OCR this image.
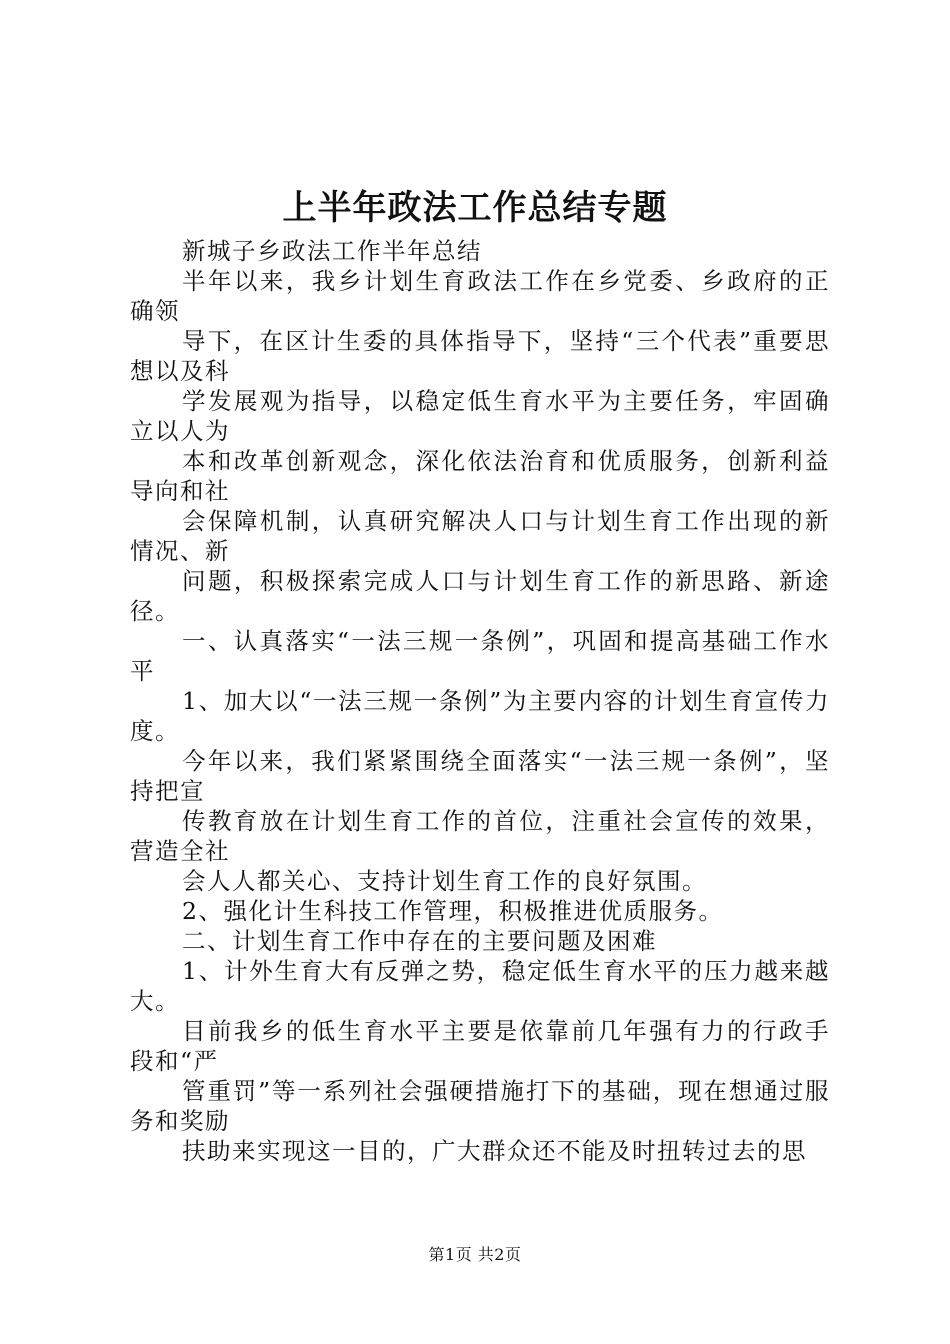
上半年政法工作总结专题

新城子乡政法工作半年总结

半年以来，我乡计划生育政法工作在乡党委、乡政府的正确领

导下，在区计生委的具体指导下，坚持“三个代表”重要思想以及科

学发展观为指导，以稳定低生育水平为主要任务，牢固确立以人为

本和改革创新观念，深化依法治育和优质服务，创新利益导向和社

会保障机制，认真研究解决人口与计划生育工作出现的新情况、新

问题，积极探索完成人口与计划生育工作的新思路、新途径。

一、认真落实“一法三规一条例”，巩固和提高基础工作水平

1、加大以“一法三规一条例”为主要内容的计划生育宣传力度。

今年以来，我们紧紧围绕全面落实“一法三规一条例”，坚持把宣

传教育放在计划生育工作的首位，注重社会宣传的效果，营造全社

会人人都关心、支持计划生育工作的良好氛围。

2、强化计生科技工作管理，积极推进优质服务。

二、计划生育工作中存在的主要问题及困难

1、计外生育大有反弹之势，稳定低生育水平的压力越来越大。

目前我乡的低生育水平主要是依靠前几年强有力的行政手段和“严

管重罚”等一系列社会强硬措施打下的基础，现在想通过服务和奖励

扶助来实现这一目的，广大群众还不能及时扭转过去的思

第1页 共2页
